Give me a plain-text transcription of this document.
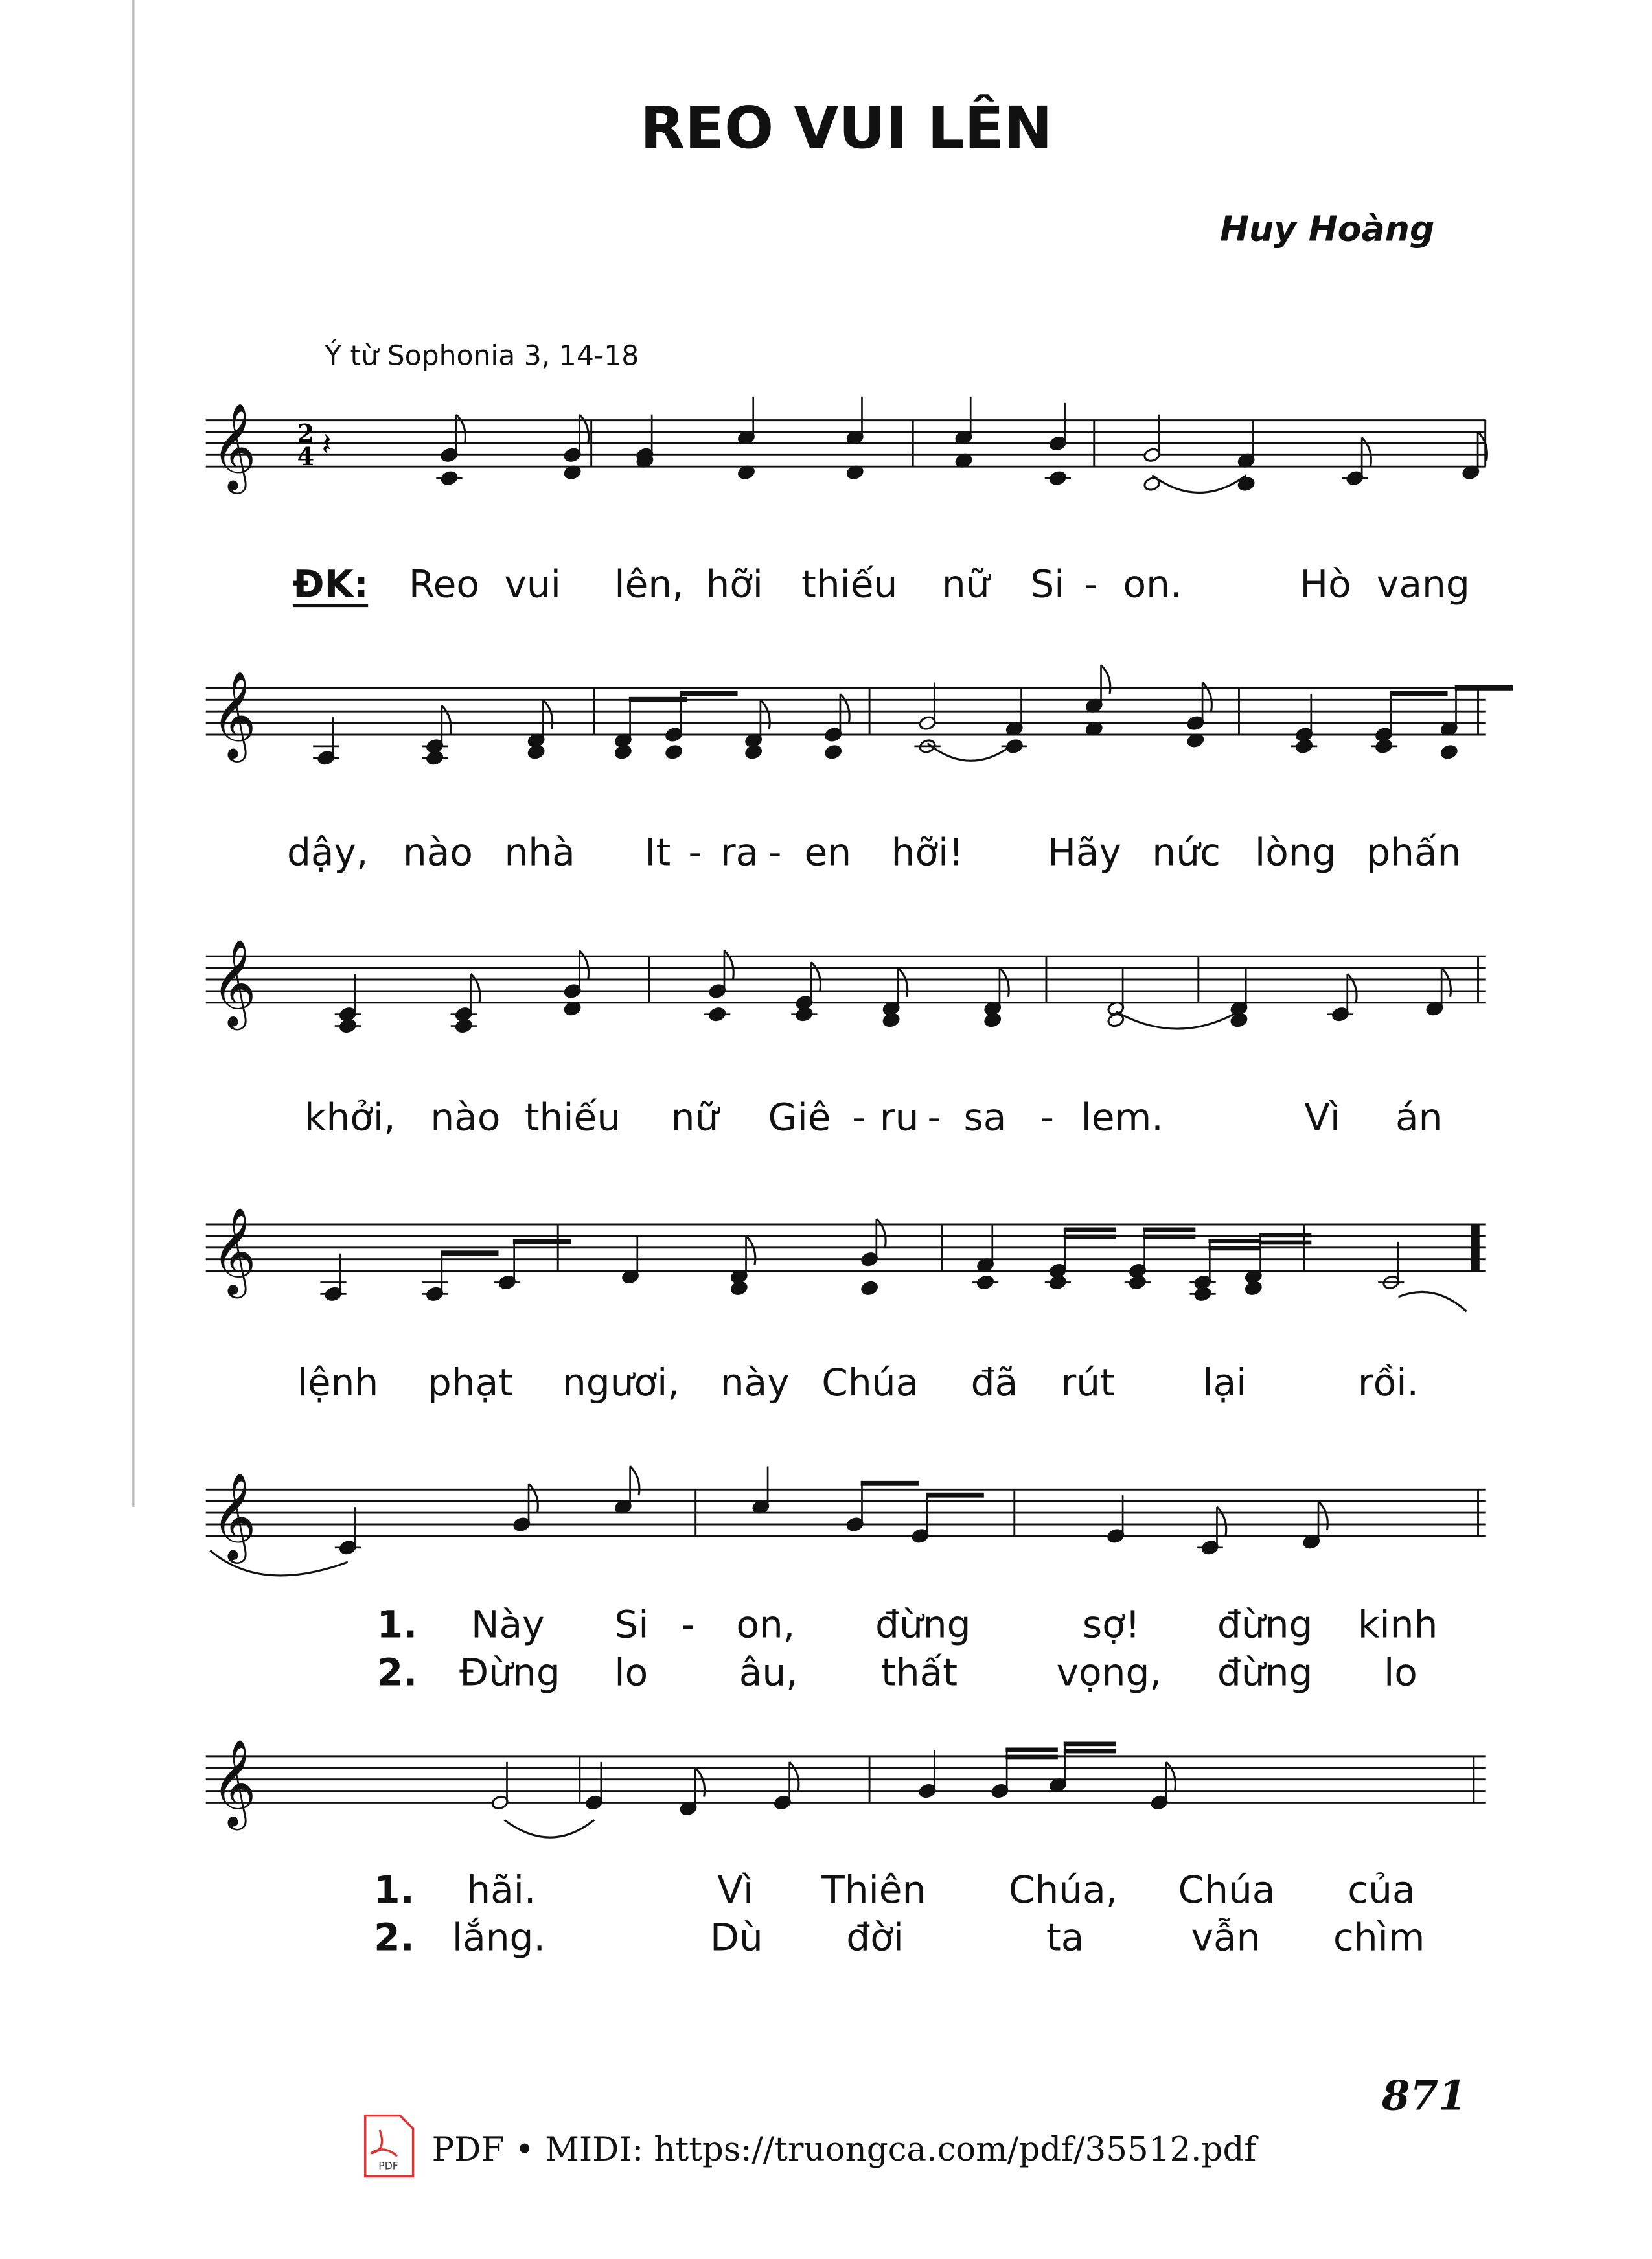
REO VUI LÊN
Huy Hoàng
Ý từ Sophonia 3, 14-18
𝄞	2
4 𝄽
𝄞
𝄞
𝄞
𝄞
𝄞
ĐK: Reo vui	lên, hỡi thiếu	nữ Si - on.	Hò vang
dậy, nào nhà	It - ra - en hỡi!	Hãy nức lòng phấn
khởi, nào thiếu	nữ	Giê - ru - sa - lem.	Vì	án
lệnh	phạt	ngươi, này Chúa	đã	rút	lại	rồi.
1.	Này	Si - on,	đừng	sợ!	đừng	kinh
2. Đừng	lo	âu,	thất	vọng,	đừng	lo
1.	hãi.	Vì	Thiên	Chúa,	Chúa	của
2. lắng.	Dù	đời	ta	vẫn	chìm
871
PDF PDF • MIDI: https://truongca.com/pdf/35512.pdf
